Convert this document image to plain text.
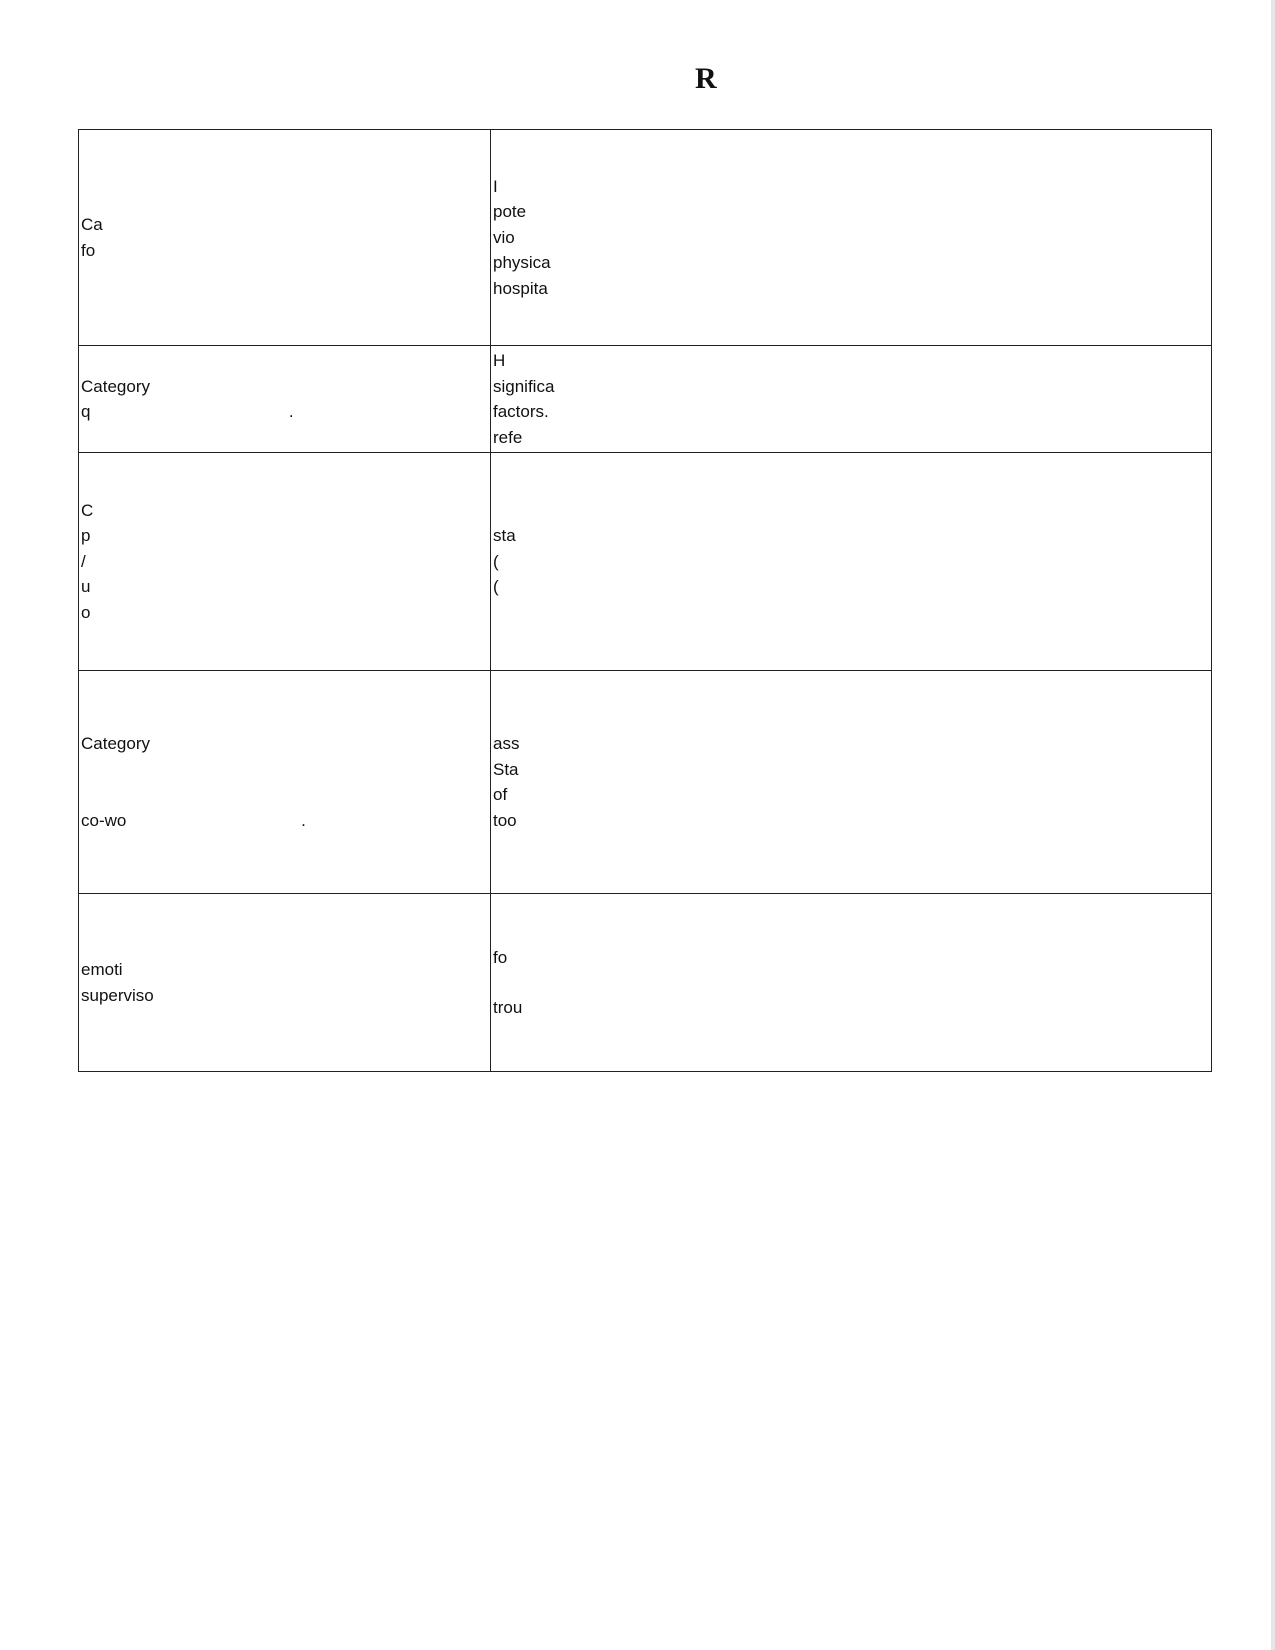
R
Ca
fo	I
pote
vio
physica
hospita

Category
q                                          .	H
significa
factors.
refe

C
p
/
u
o	sta
(
(

Category
co-wo                                     .	ass
Sta
of
too

emoti
superviso	fo
trou
